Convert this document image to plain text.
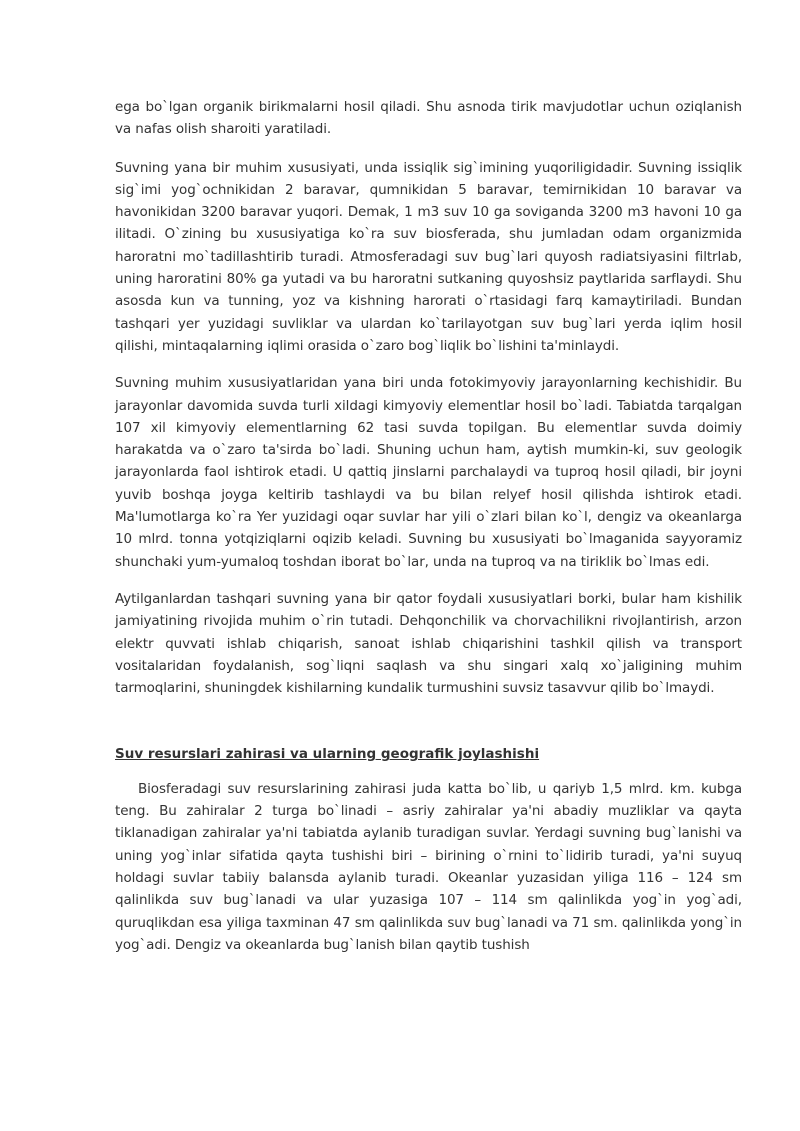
ega bo`lgan organik birikmalarni hosil qiladi. Shu asnoda tirik mavjudotlar uchun oziqlanish va nafas olish sharoiti yaratiladi.

Suvning yana bir muhim xususiyati, unda issiqlik sig`imining yuqoriligidadir. Suvning issiqlik sig`imi yog`ochnikidan 2 baravar, qumnikidan 5 baravar, temirnikidan 10 baravar va havonikidan 3200 baravar yuqori. Demak, 1 m3 suv 10 ga soviganda 3200 m3 havoni 10 ga ilitadi. O`zining bu xususiyatiga ko`ra suv biosferada, shu jumladan odam organizmida haroratni mo`tadillashtirib turadi. Atmosferadagi suv bug`lari quyosh radiatsiyasini filtrlab, uning haroratini 80% ga yutadi va bu haroratni sutkaning quyoshsiz paytlarida sarflaydi. Shu asosda kun va tunning, yoz va kishning harorati o`rtasidagi farq kamaytiriladi. Bundan tashqari yer yuzidagi suvliklar va ulardan ko`tarilayotgan suv bug`lari yerda iqlim hosil qilishi, mintaqalarning iqlimi orasida o`zaro bog`liqlik bo`lishini ta'minlaydi.

Suvning muhim xususiyatlaridan yana biri unda fotokimyoviy jarayonlarning kechishidir. Bu jarayonlar davomida suvda turli xildagi kimyoviy elementlar hosil bo`ladi. Tabiatda tarqalgan 107 xil kimyoviy elementlarning 62 tasi suvda topilgan. Bu elementlar suvda doimiy harakatda va o`zaro ta'sirda bo`ladi. Shuning uchun ham, aytish mumkin-ki, suv geologik jarayonlarda faol ishtirok etadi. U qattiq jinslarni parchalaydi va tuproq hosil qiladi, bir joyni yuvib boshqa joyga keltirib tashlaydi va bu bilan relyef hosil qilishda ishtirok etadi. Ma'lumotlarga ko`ra Yer yuzidagi oqar suvlar har yili o`zlari bilan ko`l, dengiz va okeanlarga 10 mlrd. tonna yotqiziqlarni oqizib keladi. Suvning bu xususiyati bo`lmaganida sayyoramiz shunchaki yum-yumaloq toshdan iborat bo`lar, unda na tuproq va na tiriklik bo`lmas edi.

Aytilganlardan tashqari suvning yana bir qator foydali xususiyatlari borki, bular ham kishilik jamiyatining rivojida muhim o`rin tutadi. Dehqonchilik va chorvachilikni rivojlantirish, arzon elektr quvvati ishlab chiqarish, sanoat ishlab chiqarishini tashkil qilish va transport vositalaridan foydalanish, sog`liqni saqlash va shu singari xalq xo`jaligining muhim tarmoqlarini, shuningdek kishilarning kundalik turmushini suvsiz tasavvur qilib bo`lmaydi.

Suv resurslari zahirasi va ularning geografik joylashishi

Biosferadagi suv resurslarining zahirasi juda katta bo`lib, u qariyb 1,5 mlrd. km. kubga teng. Bu zahiralar 2 turga bo`linadi – asriy zahiralar ya'ni abadiy muzliklar va qayta tiklanadigan zahiralar ya'ni tabiatda aylanib turadigan suvlar. Yerdagi suvning bug`lanishi va uning yog`inlar sifatida qayta tushishi biri – birining o`rnini to`lidirib turadi, ya'ni suyuq holdagi suvlar tabiiy balansda aylanib turadi. Okeanlar yuzasidan yiliga 116 – 124 sm qalinlikda suv bug`lanadi va ular yuzasiga 107 – 114 sm qalinlikda yog`in yog`adi, quruqlikdan esa yiliga taxminan 47 sm qalinlikda suv bug`lanadi va 71 sm. qalinlikda yong`in yog`adi. Dengiz va okeanlarda bug`lanish bilan qaytib tushish
